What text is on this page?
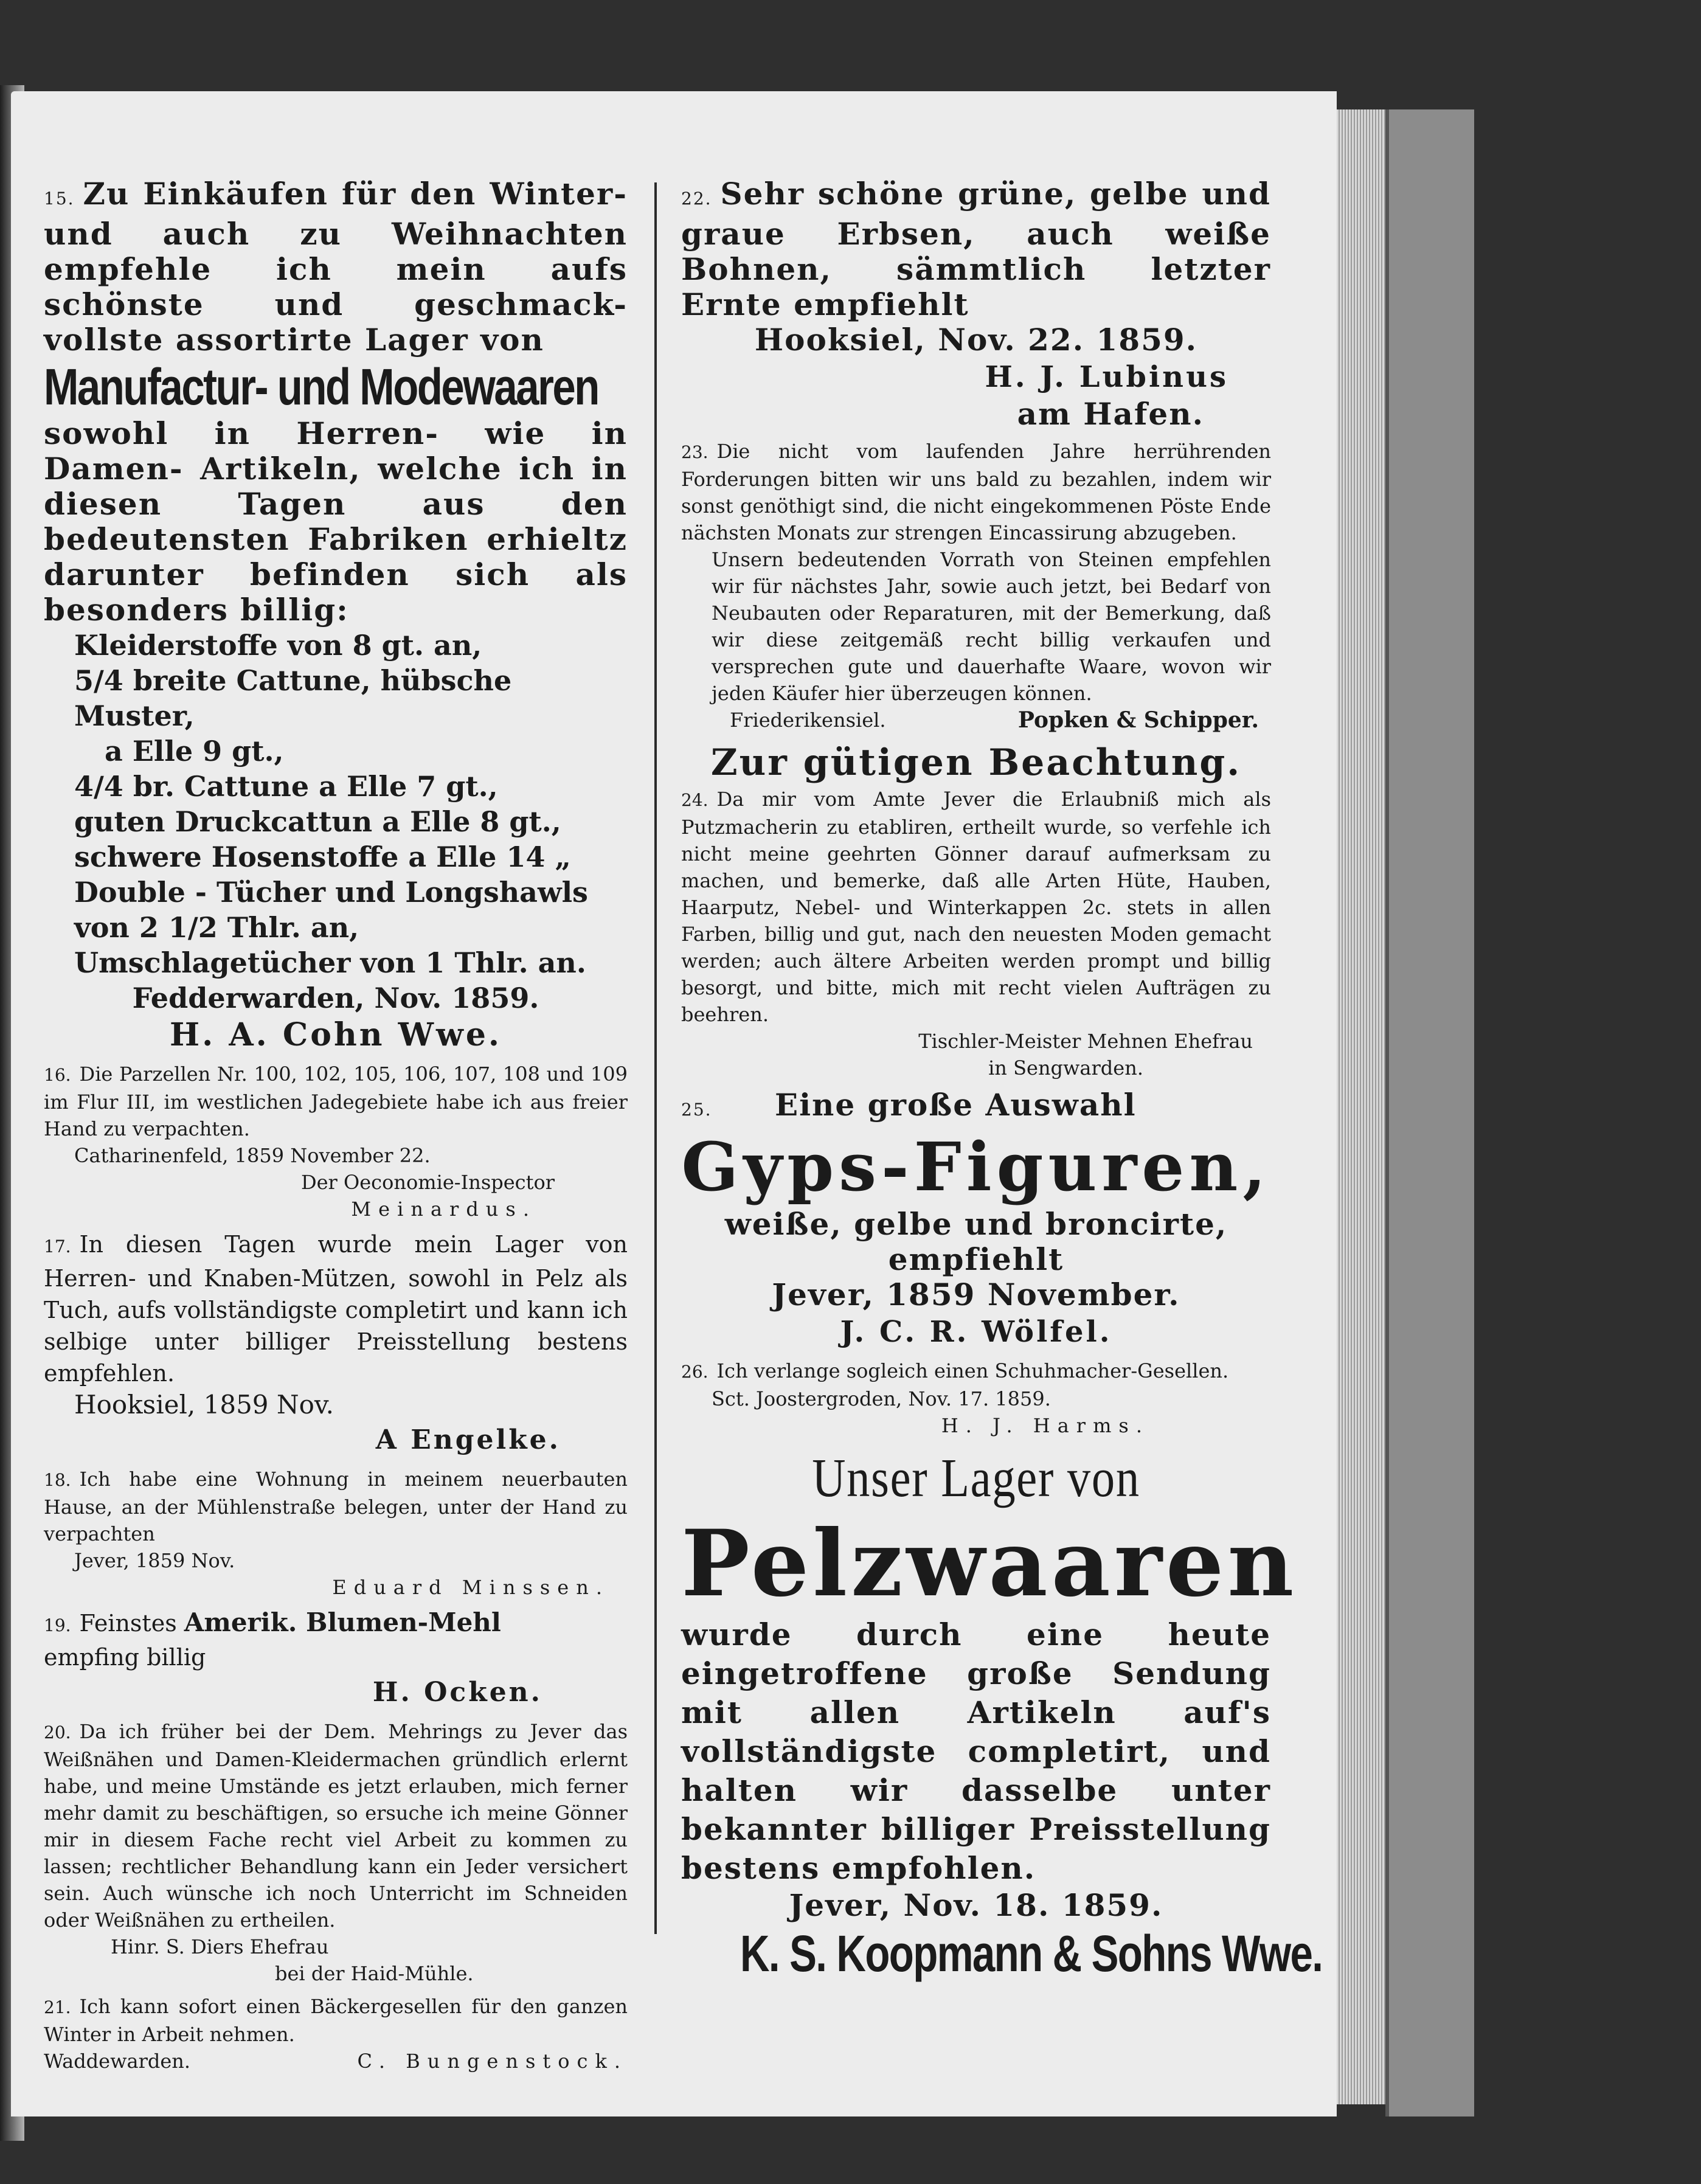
15. Zu Einkäufen für den Winter- und auch zu Weihnachten empfehle ich mein aufs schönste und geschmack- vollste assortirte Lager von
Manufactur- und Modewaaren
sowohl in Herren- wie in Damen- Artikeln, welche ich in diesen Tagen aus den bedeutensten Fabriken erhieltz darunter befinden sich als besonders billig:
Kleiderstoffe von 8 gt. an,
5/4 breite Cattune, hübsche Muster,
a Elle 9 gt.,
4/4 br. Cattune a Elle 7 gt.,
guten Druckcattun a Elle 8 gt.,
schwere Hosenstoffe a Elle 14 „
Double - Tücher und Longshawls
von 2 1/2 Thlr. an,
Umschlagetücher von 1 Thlr. an.
Fedderwarden, Nov. 1859.
H. A. Cohn Wwe.
16. Die Parzellen Nr. 100, 102, 105, 106, 107, 108 und 109 im Flur III, im westlichen Jadegebiete habe ich aus freier Hand zu verpachten.
Catharinenfeld, 1859 November 22.
Der Oeconomie-Inspector
Meinardus.
17. In diesen Tagen wurde mein Lager von Herren- und Knaben-Mützen, sowohl in Pelz als Tuch, aufs vollständigste completirt und kann ich selbige unter billiger Preisstellung bestens empfehlen.
Hooksiel, 1859 Nov.
A Engelke.
18. Ich habe eine Wohnung in meinem neuerbauten Hause, an der Mühlenstraße belegen, unter der Hand zu verpachten
Jever, 1859 Nov.
Eduard Minssen.
19. Feinstes Amerik. Blumen-Mehl
empfing billig
H. Ocken.
20. Da ich früher bei der Dem. Mehrings zu Jever das Weißnähen und Damen-Kleidermachen gründlich erlernt habe, und meine Umstände es jetzt erlauben, mich ferner mehr damit zu beschäftigen, so ersuche ich meine Gönner mir in diesem Fache recht viel Arbeit zu kommen zu lassen; rechtlicher Behandlung kann ein Jeder versichert sein. Auch wünsche ich noch Unterricht im Schneiden oder Weißnähen zu ertheilen.
Hinr. S. Diers Ehefrau
bei der Haid-Mühle.
21. Ich kann sofort einen Bäckergesellen für den ganzen Winter in Arbeit nehmen.
Waddewarden.	C. Bungenstock.
22. Sehr schöne grüne, gelbe und graue Erbsen, auch weiße Bohnen, sämmtlich letzter Ernte empfiehlt
Hooksiel, Nov. 22. 1859.
H. J. Lubinus
am Hafen.
23. Die nicht vom laufenden Jahre herrührenden Forderungen bitten wir uns bald zu bezahlen, indem wir sonst genöthigt sind, die nicht eingekommenen Pöste Ende nächsten Monats zur strengen Eincassirung abzugeben.
Unsern bedeutenden Vorrath von Steinen empfehlen wir für nächstes Jahr, sowie auch jetzt, bei Bedarf von Neubauten oder Reparaturen, mit der Bemerkung, daß wir diese zeitgemäß recht billig verkaufen und versprechen gute und dauerhafte Waare, wovon wir jeden Käufer hier überzeugen können.
Friederikensiel.	Popken & Schipper.
Zur gütigen Beachtung.
24. Da mir vom Amte Jever die Erlaubniß mich als Putzmacherin zu etabliren, ertheilt wurde, so verfehle ich nicht meine geehrten Gönner darauf aufmerksam zu machen, und bemerke, daß alle Arten Hüte, Hauben, Haarputz, Nebel- und Winterkappen 2c. stets in allen Farben, billig und gut, nach den neuesten Moden gemacht werden; auch ältere Arbeiten werden prompt und billig besorgt, und bitte, mich mit recht vielen Aufträgen zu beehren.
Tischler-Meister Mehnen Ehefrau
in Sengwarden.
25. Eine große Auswahl
Gyps-Figuren,
weiße, gelbe und broncirte, empfiehlt
Jever, 1859 November.
J. C. R. Wölfel.
26. Ich verlange sogleich einen Schuhmacher-Gesellen.
Sct. Joostergroden, Nov. 17. 1859.
H. J. Harms.
Unser Lager von
Pelzwaaren
wurde durch eine heute eingetroffene große Sendung mit allen Artikeln auf's vollständigste completirt, und halten wir dasselbe unter bekannter billiger Preisstellung bestens empfohlen.
Jever, Nov. 18. 1859.
K. S. Koopmann & Sohns Wwe.
